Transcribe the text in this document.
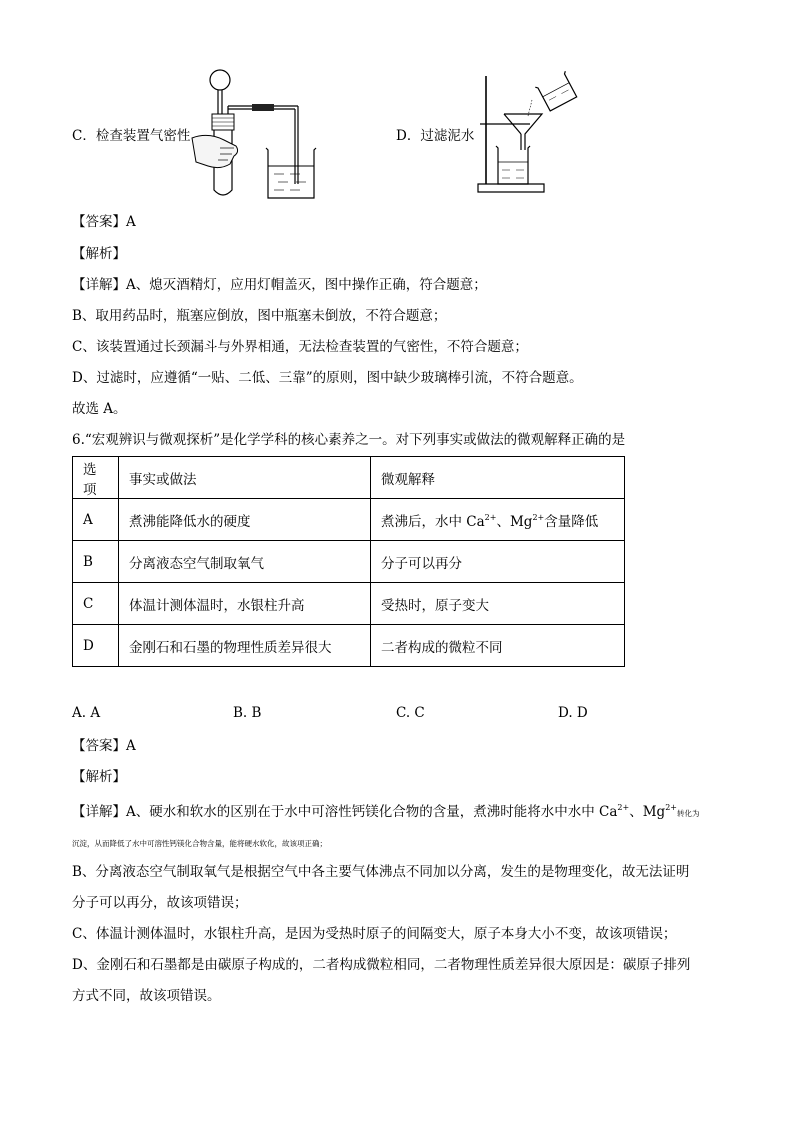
C．检查装置气密性	D．过滤泥水
【答案】A
【解析】
【详解】A、熄灭酒精灯，应用灯帽盖灭，图中操作正确，符合题意；
B、取用药品时，瓶塞应倒放，图中瓶塞未倒放，不符合题意；
C、该装置通过长颈漏斗与外界相通，无法检查装置的气密性，不符合题意；
D、过滤时，应遵循“一贴、二低、三靠”的原则，图中缺少玻璃棒引流，不符合题意。
故选 A。
6.“宏观辨识与微观探析”是化学学科的核心素养之一。对下列事实或做法的微观解释正确的是
选项	事实或做法	微观解释
A	煮沸能降低水的硬度	煮沸后，水中 $Ca^{2+}$、$Mg^{2+}$含量降低
B	分离液态空气制取氧气	分子可以再分
C	体温计测体温时，水银柱升高	受热时，原子变大
D	金刚石和石墨的物理性质差异很大	二者构成的微粒不同
A. A	B. B	C. C	D. D
【答案】A
【解析】
【详解】A、硬水和软水的区别在于水中可溶性钙镁化合物的含量，煮沸时能将水中水中 $Ca^{2+}$、$Mg^{2+}$转化为
沉淀，从而降低了水中可溶性钙镁化合物含量，能将硬水软化，故该项正确；
B、分离液态空气制取氧气是根据空气中各主要气体沸点不同加以分离，发生的是物理变化，故无法证明
分子可以再分，故该项错误；
C、体温计测体温时，水银柱升高，是因为受热时原子的间隔变大，原子本身大小不变，故该项错误；
D、金刚石和石墨都是由碳原子构成的，二者构成微粒相同，二者物理性质差异很大原因是：碳原子排列
方式不同，故该项错误。
